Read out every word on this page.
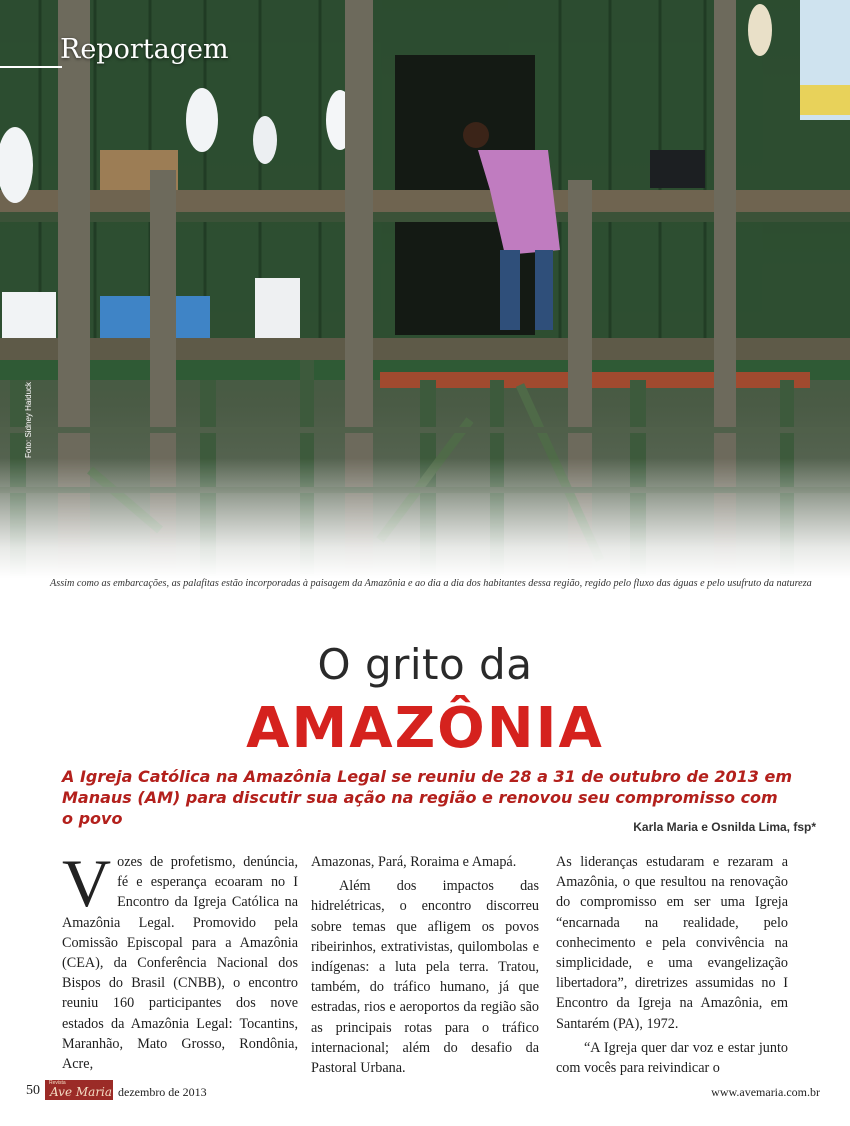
Reportagem
Foto: Sidney Haiduck
Assim como as embarcações, as palafitas estão incorporadas à paisagem da Amazônia e ao dia a dia dos habitantes dessa região, regido pelo fluxo das águas e pelo usufruto da natureza
O grito da
AMAZÔNIA
A Igreja Católica na Amazônia Legal se reuniu de 28 a 31 de outubro de 2013 em Manaus (AM) para discutir sua ação na região e renovou seu compromisso com o povo	Karla Maria e Osnilda Lima, fsp*
V ozes de profetismo, denúncia, fé e esperança ecoaram no I Encontro da Igreja Católica na Amazônia Legal. Promovido pela Comissão Episcopal para a Amazônia (CEA), da Conferência Nacional dos Bispos do Brasil (CNBB), o encontro reuniu 160 participantes dos nove estados da Amazônia Legal: Tocantins, Maranhão, Mato Grosso, Rondônia, Acre,

Amazonas, Pará, Roraima e Amapá.

Além dos impactos das hidrelétricas, o encontro discorreu sobre temas que afligem os povos ribeirinhos, extrativistas, quilombolas e indígenas: a luta pela terra. Tratou, também, do tráfico humano, já que estradas, rios e aeroportos da região são as principais rotas para o tráfico internacional; além do desafio da Pastoral Urbana.

As lideranças estudaram e rezaram a Amazônia, o que resultou na renovação do compromisso em ser uma Igreja “encarnada na realidade, pelo conhecimento e pela convivência na simplicidade, e uma evangelização libertadora”, diretrizes assumidas no I Encontro da Igreja na Amazônia, em Santarém (PA), 1972.

“A Igreja quer dar voz e estar junto com vocês para reivindicar o

50 Revista
Ave Maria dezembro de 2013	www.avemaria.com.br
